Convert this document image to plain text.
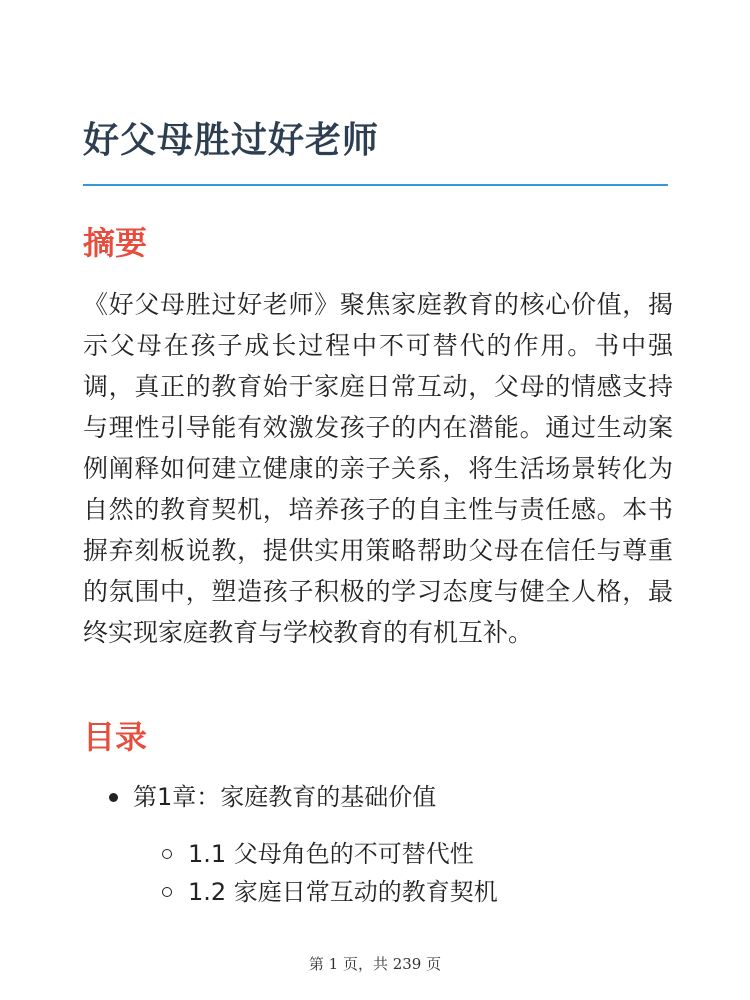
好父母胜过好老师
摘要

《好父母胜过好老师》聚焦家庭教育的核心价值，揭示父母在孩子成长过程中不可替代的作用。书中强调，真正的教育始于家庭日常互动，父母的情感支持与理性引导能有效激发孩子的内在潜能。通过生动案例阐释如何建立健康的亲子关系，将生活场景转化为自然的教育契机，培养孩子的自主性与责任感。本书摒弃刻板说教，提供实用策略帮助父母在信任与尊重的氛围中，塑造孩子积极的学习态度与健全人格，最终实现家庭教育与学校教育的有机互补。

目录
第1章：家庭教育的基础价值
1.1 父母角色的不可替代性
1.2 家庭日常互动的教育契机
第 1 页，共 239 页
